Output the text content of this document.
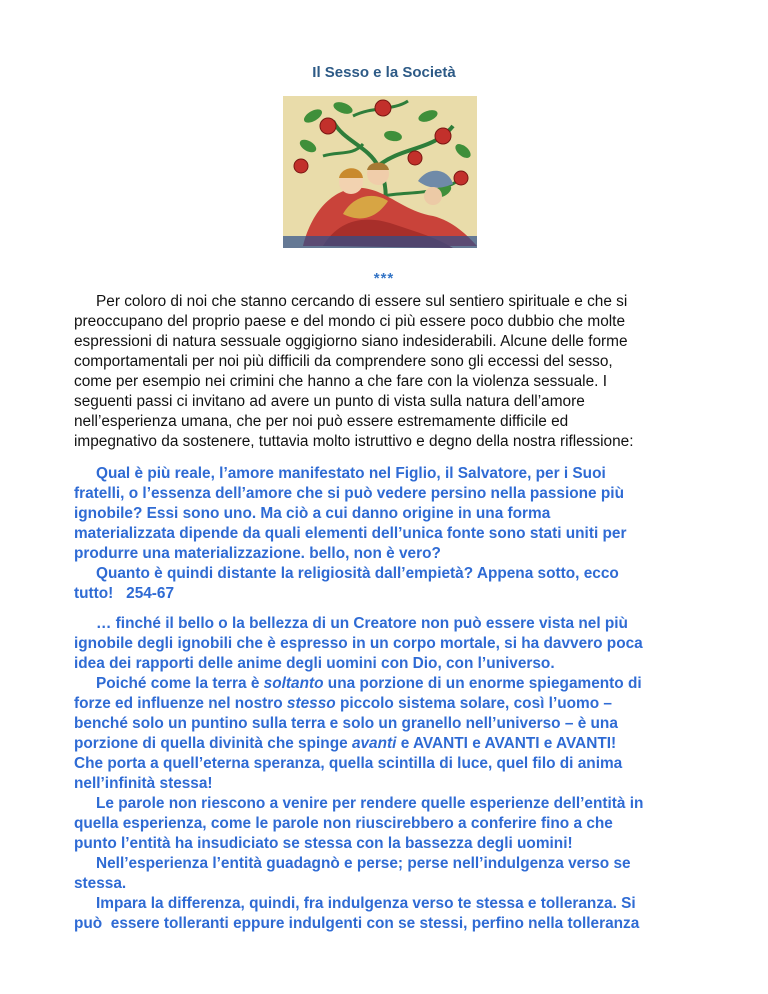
Il Sesso e la Società
***
Per coloro di noi che stanno cercando di essere sul sentiero spirituale e che si
preoccupano del proprio paese e del mondo ci più essere poco dubbio che molte
espressioni di natura sessuale oggigiorno siano indesiderabili. Alcune delle forme
comportamentali per noi più difficili da comprendere sono gli eccessi del sesso,
come per esempio nei crimini che hanno a che fare con la violenza sessuale. I
seguenti passi ci invitano ad avere un punto di vista sulla natura dell’amore
nell’esperienza umana, che per noi può essere estremamente difficile ed
impegnativo da sostenere, tuttavia molto istruttivo e degno della nostra riflessione:
Qual è più reale, l’amore manifestato nel Figlio, il Salvatore, per i Suoi
fratelli, o l’essenza dell’amore che si può vedere persino nella passione più
ignobile? Essi sono uno. Ma ciò a cui danno origine in una forma
materializzata dipende da quali elementi dell’unica fonte sono stati uniti per
produrre una materializzazione. bello, non è vero?
Quanto è quindi distante la religiosità dall’empietà? Appena sotto, ecco
tutto!   254-67
… finché il bello o la bellezza di un Creatore non può essere vista nel più
ignobile degli ignobili che è espresso in un corpo mortale, si ha davvero poca
idea dei rapporti delle anime degli uomini con Dio, con l’universo.
Poiché come la terra è soltanto una porzione di un enorme spiegamento di
forze ed influenze nel nostro stesso piccolo sistema solare, così l’uomo –
benché solo un puntino sulla terra e solo un granello nell’universo – è una
porzione di quella divinità che spinge avanti e AVANTI e AVANTI e AVANTI!
Che porta a quell’eterna speranza, quella scintilla di luce, quel filo di anima
nell’infinità stessa!
Le parole non riescono a venire per rendere quelle esperienze dell’entità in
quella esperienza, come le parole non riuscirebbero a conferire fino a che
punto l’entità ha insudiciato se stessa con la bassezza degli uomini!
Nell’esperienza l’entità guadagnò e perse; perse nell’indulgenza verso se
stessa.
Impara la differenza, quindi, fra indulgenza verso te stessa e tolleranza. Si
può  essere tolleranti eppure indulgenti con se stessi, perfino nella tolleranza
